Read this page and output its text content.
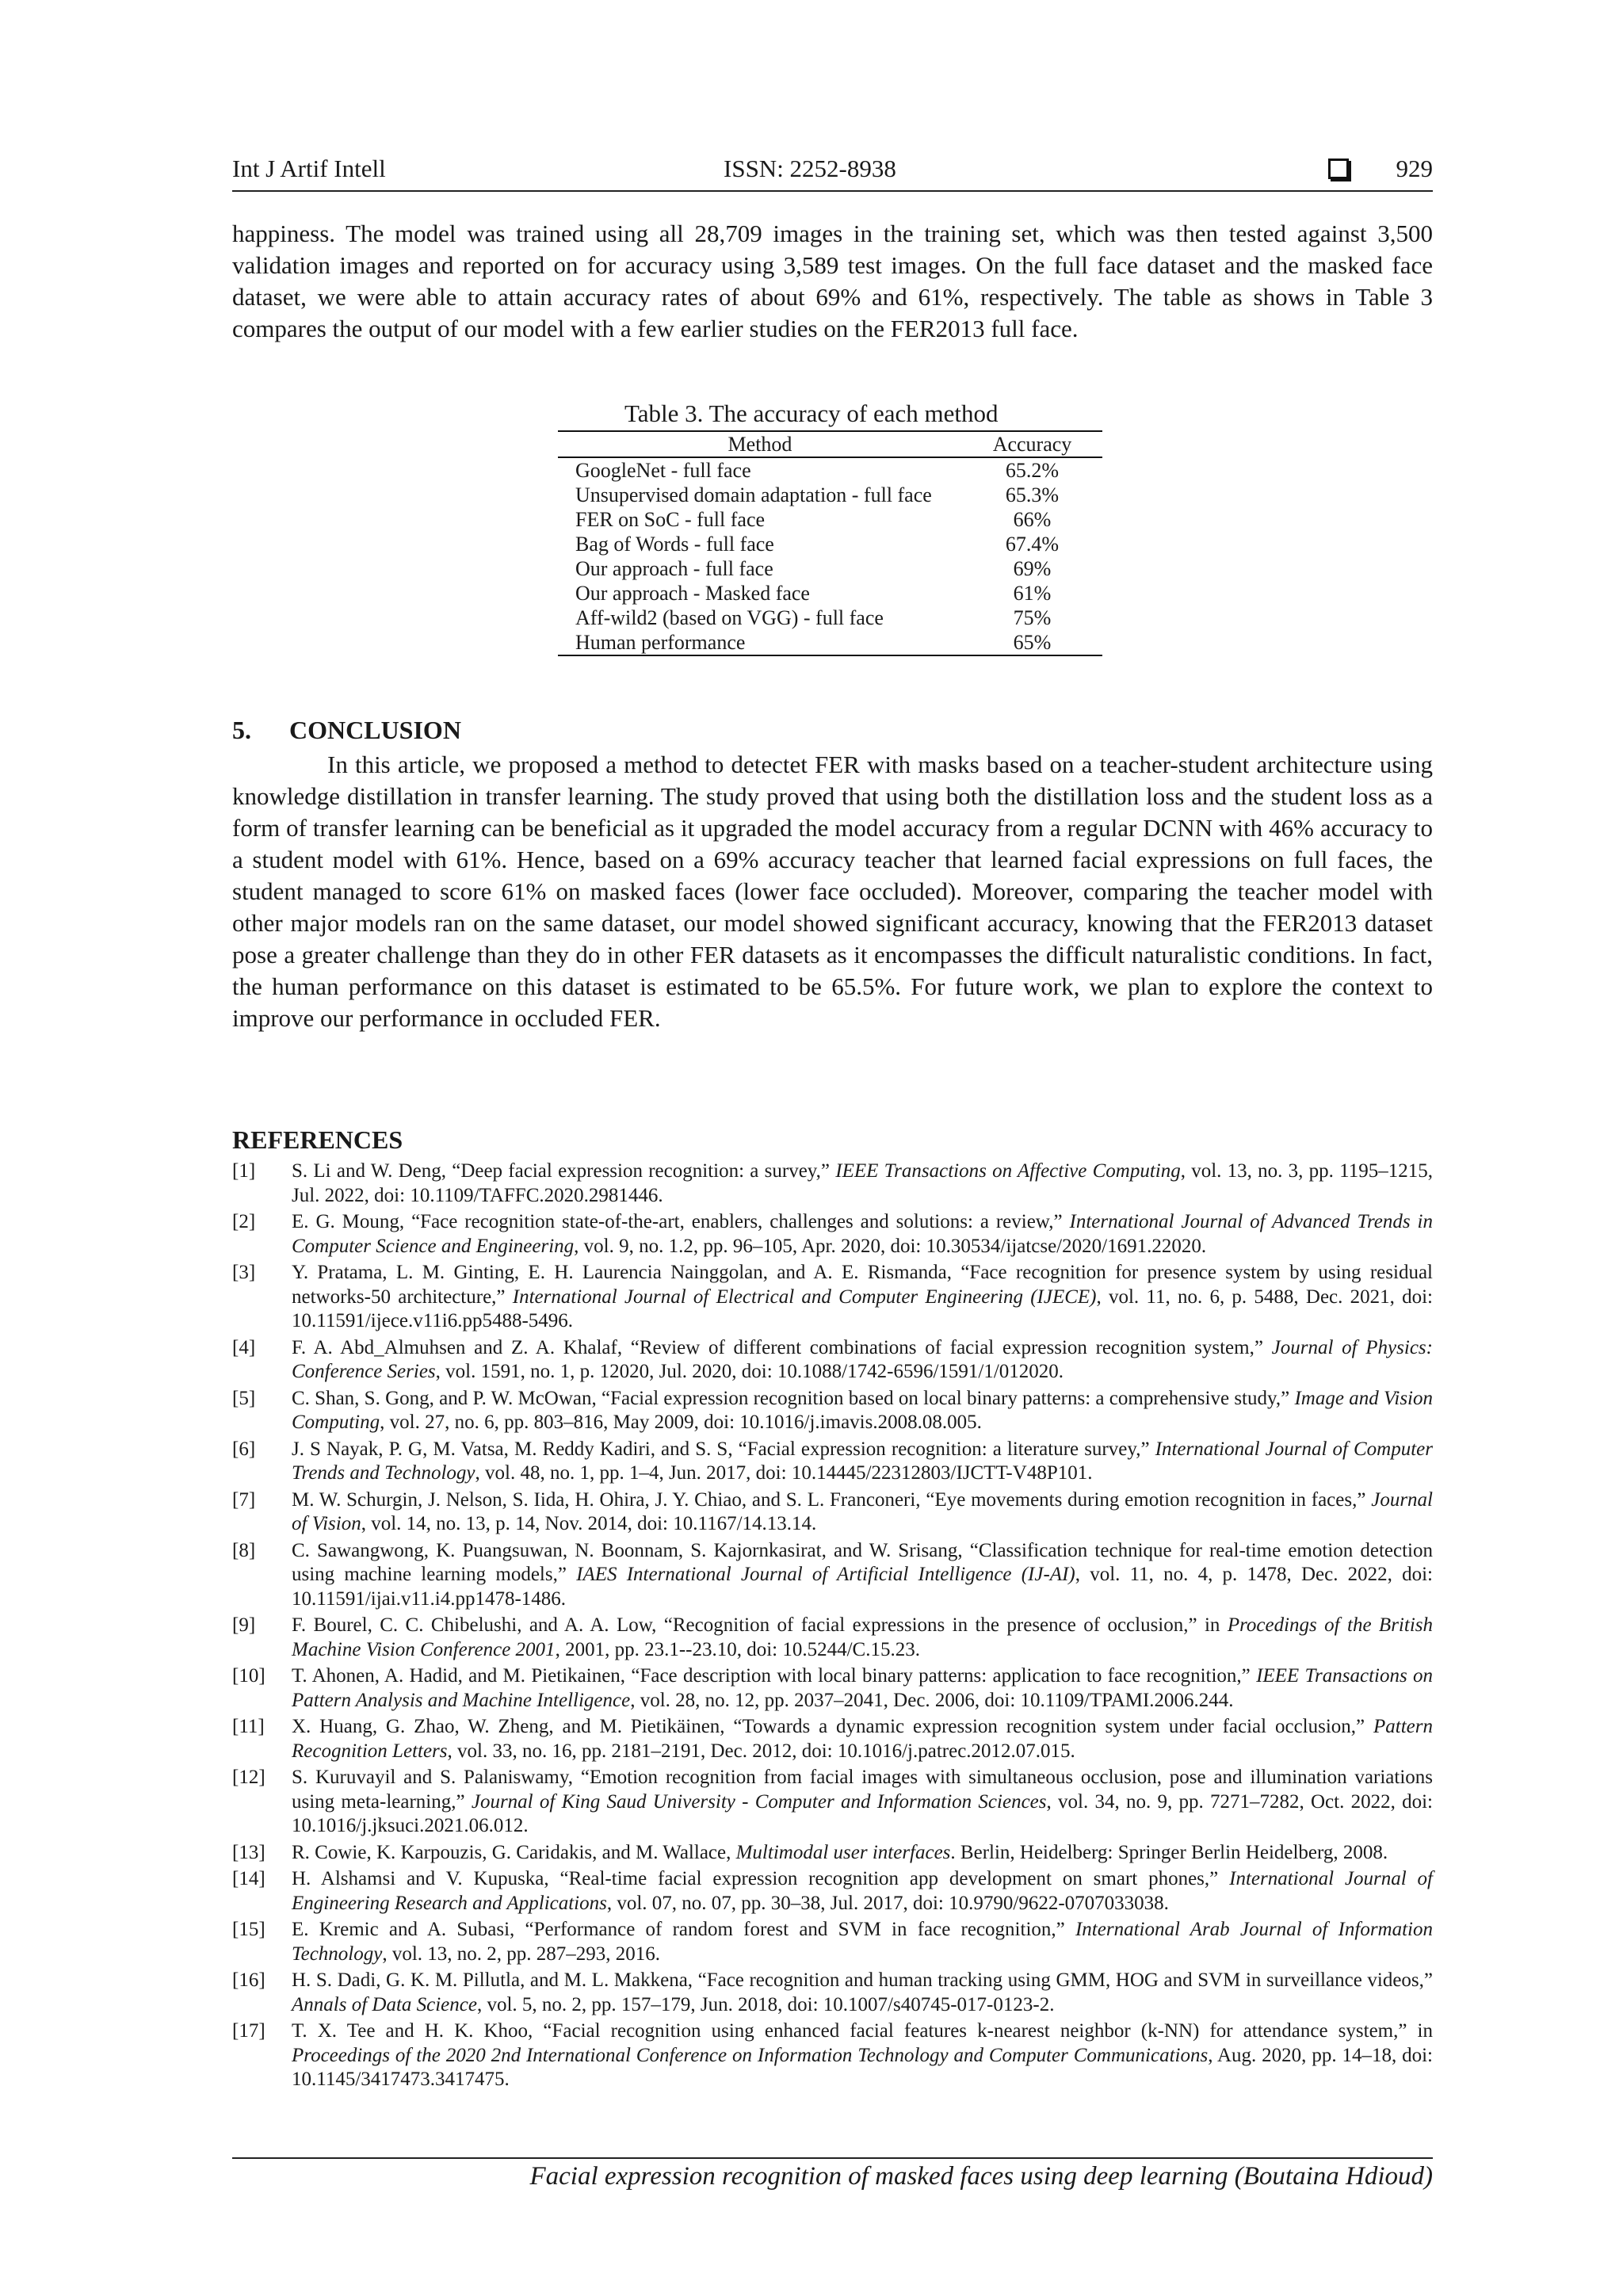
Int J Artif Intell	ISSN: 2252-8938	929

happiness. The model was trained using all 28,709 images in the training set, which was then tested against 3,500 validation images and reported on for accuracy using 3,589 test images. On the full face dataset and the masked face dataset, we were able to attain accuracy rates of about 69% and 61%, respectively. The table as shows in Table 3 compares the output of our model with a few earlier studies on the FER2013 full face.

Table 3. The accuracy of each method
Method	Accuracy
GoogleNet - full face	65.2%
Unsupervised domain adaptation - full face	65.3%
FER on SoC - full face	66%
Bag of Words - full face	67.4%
Our approach - full face	69%
Our approach - Masked face	61%
Aff-wild2 (based on VGG) - full face	75%
Human performance	65%
5. CONCLUSION

In this article, we proposed a method to detectet FER with masks based on a teacher-student architecture using knowledge distillation in transfer learning. The study proved that using both the distillation loss and the student loss as a form of transfer learning can be beneficial as it upgraded the model accuracy from a regular DCNN with 46% accuracy to a student model with 61%. Hence, based on a 69% accuracy teacher that learned facial expressions on full faces, the student managed to score 61% on masked faces (lower face occluded). Moreover, comparing the teacher model with other major models ran on the same dataset, our model showed significant accuracy, knowing that the FER2013 dataset pose a greater challenge than they do in other FER datasets as it encompasses the difficult naturalistic conditions. In fact, the human performance on this dataset is estimated to be 65.5%. For future work, we plan to explore the context to improve our performance in occluded FER.

REFERENCES
[1] S. Li and W. Deng, “Deep facial expression recognition: a survey,” IEEE Transactions on Affective Computing, vol. 13, no. 3, pp. 1195–1215, Jul. 2022, doi: 10.1109/TAFFC.2020.2981446.
[2] E. G. Moung, “Face recognition state-of-the-art, enablers, challenges and solutions: a review,” International Journal of Advanced Trends in Computer Science and Engineering, vol. 9, no. 1.2, pp. 96–105, Apr. 2020, doi: 10.30534/ijatcse/2020/1691.22020.
[3] Y. Pratama, L. M. Ginting, E. H. Laurencia Nainggolan, and A. E. Rismanda, “Face recognition for presence system by using residual networks-50 architecture,” International Journal of Electrical and Computer Engineering (IJECE), vol. 11, no. 6, p. 5488, Dec. 2021, doi: 10.11591/ijece.v11i6.pp5488-5496.
[4] F. A. Abd_Almuhsen and Z. A. Khalaf, “Review of different combinations of facial expression recognition system,” Journal of Physics: Conference Series, vol. 1591, no. 1, p. 12020, Jul. 2020, doi: 10.1088/1742-6596/1591/1/012020.
[5] C. Shan, S. Gong, and P. W. McOwan, “Facial expression recognition based on local binary patterns: a comprehensive study,” Image and Vision Computing, vol. 27, no. 6, pp. 803–816, May 2009, doi: 10.1016/j.imavis.2008.08.005.
[6] J. S Nayak, P. G, M. Vatsa, M. Reddy Kadiri, and S. S, “Facial expression recognition: a literature survey,” International Journal of Computer Trends and Technology, vol. 48, no. 1, pp. 1–4, Jun. 2017, doi: 10.14445/22312803/IJCTT-V48P101.
[7] M. W. Schurgin, J. Nelson, S. Iida, H. Ohira, J. Y. Chiao, and S. L. Franconeri, “Eye movements during emotion recognition in faces,” Journal of Vision, vol. 14, no. 13, p. 14, Nov. 2014, doi: 10.1167/14.13.14.
[8] C. Sawangwong, K. Puangsuwan, N. Boonnam, S. Kajornkasirat, and W. Srisang, “Classification technique for real-time emotion detection using machine learning models,” IAES International Journal of Artificial Intelligence (IJ-AI), vol. 11, no. 4, p. 1478, Dec. 2022, doi: 10.11591/ijai.v11.i4.pp1478-1486.
[9] F. Bourel, C. C. Chibelushi, and A. A. Low, “Recognition of facial expressions in the presence of occlusion,” in Procedings of the British Machine Vision Conference 2001, 2001, pp. 23.1--23.10, doi: 10.5244/C.15.23.
[10] T. Ahonen, A. Hadid, and M. Pietikainen, “Face description with local binary patterns: application to face recognition,” IEEE Transactions on Pattern Analysis and Machine Intelligence, vol. 28, no. 12, pp. 2037–2041, Dec. 2006, doi: 10.1109/TPAMI.2006.244.
[11] X. Huang, G. Zhao, W. Zheng, and M. Pietikäinen, “Towards a dynamic expression recognition system under facial occlusion,” Pattern Recognition Letters, vol. 33, no. 16, pp. 2181–2191, Dec. 2012, doi: 10.1016/j.patrec.2012.07.015.
[12] S. Kuruvayil and S. Palaniswamy, “Emotion recognition from facial images with simultaneous occlusion, pose and illumination variations using meta-learning,” Journal of King Saud University - Computer and Information Sciences, vol. 34, no. 9, pp. 7271–7282, Oct. 2022, doi: 10.1016/j.jksuci.2021.06.012.
[13] R. Cowie, K. Karpouzis, G. Caridakis, and M. Wallace, Multimodal user interfaces. Berlin, Heidelberg: Springer Berlin Heidelberg, 2008.
[14] H. Alshamsi and V. Kupuska, “Real-time facial expression recognition app development on smart phones,” International Journal of Engineering Research and Applications, vol. 07, no. 07, pp. 30–38, Jul. 2017, doi: 10.9790/9622-0707033038.
[15] E. Kremic and A. Subasi, “Performance of random forest and SVM in face recognition,” International Arab Journal of Information Technology, vol. 13, no. 2, pp. 287–293, 2016.
[16] H. S. Dadi, G. K. M. Pillutla, and M. L. Makkena, “Face recognition and human tracking using GMM, HOG and SVM in surveillance videos,” Annals of Data Science, vol. 5, no. 2, pp. 157–179, Jun. 2018, doi: 10.1007/s40745-017-0123-2.
[17] T. X. Tee and H. K. Khoo, “Facial recognition using enhanced facial features k-nearest neighbor (k-NN) for attendance system,” in Proceedings of the 2020 2nd International Conference on Information Technology and Computer Communications, Aug. 2020, pp. 14–18, doi: 10.1145/3417473.3417475.
Facial expression recognition of masked faces using deep learning (Boutaina Hdioud)
